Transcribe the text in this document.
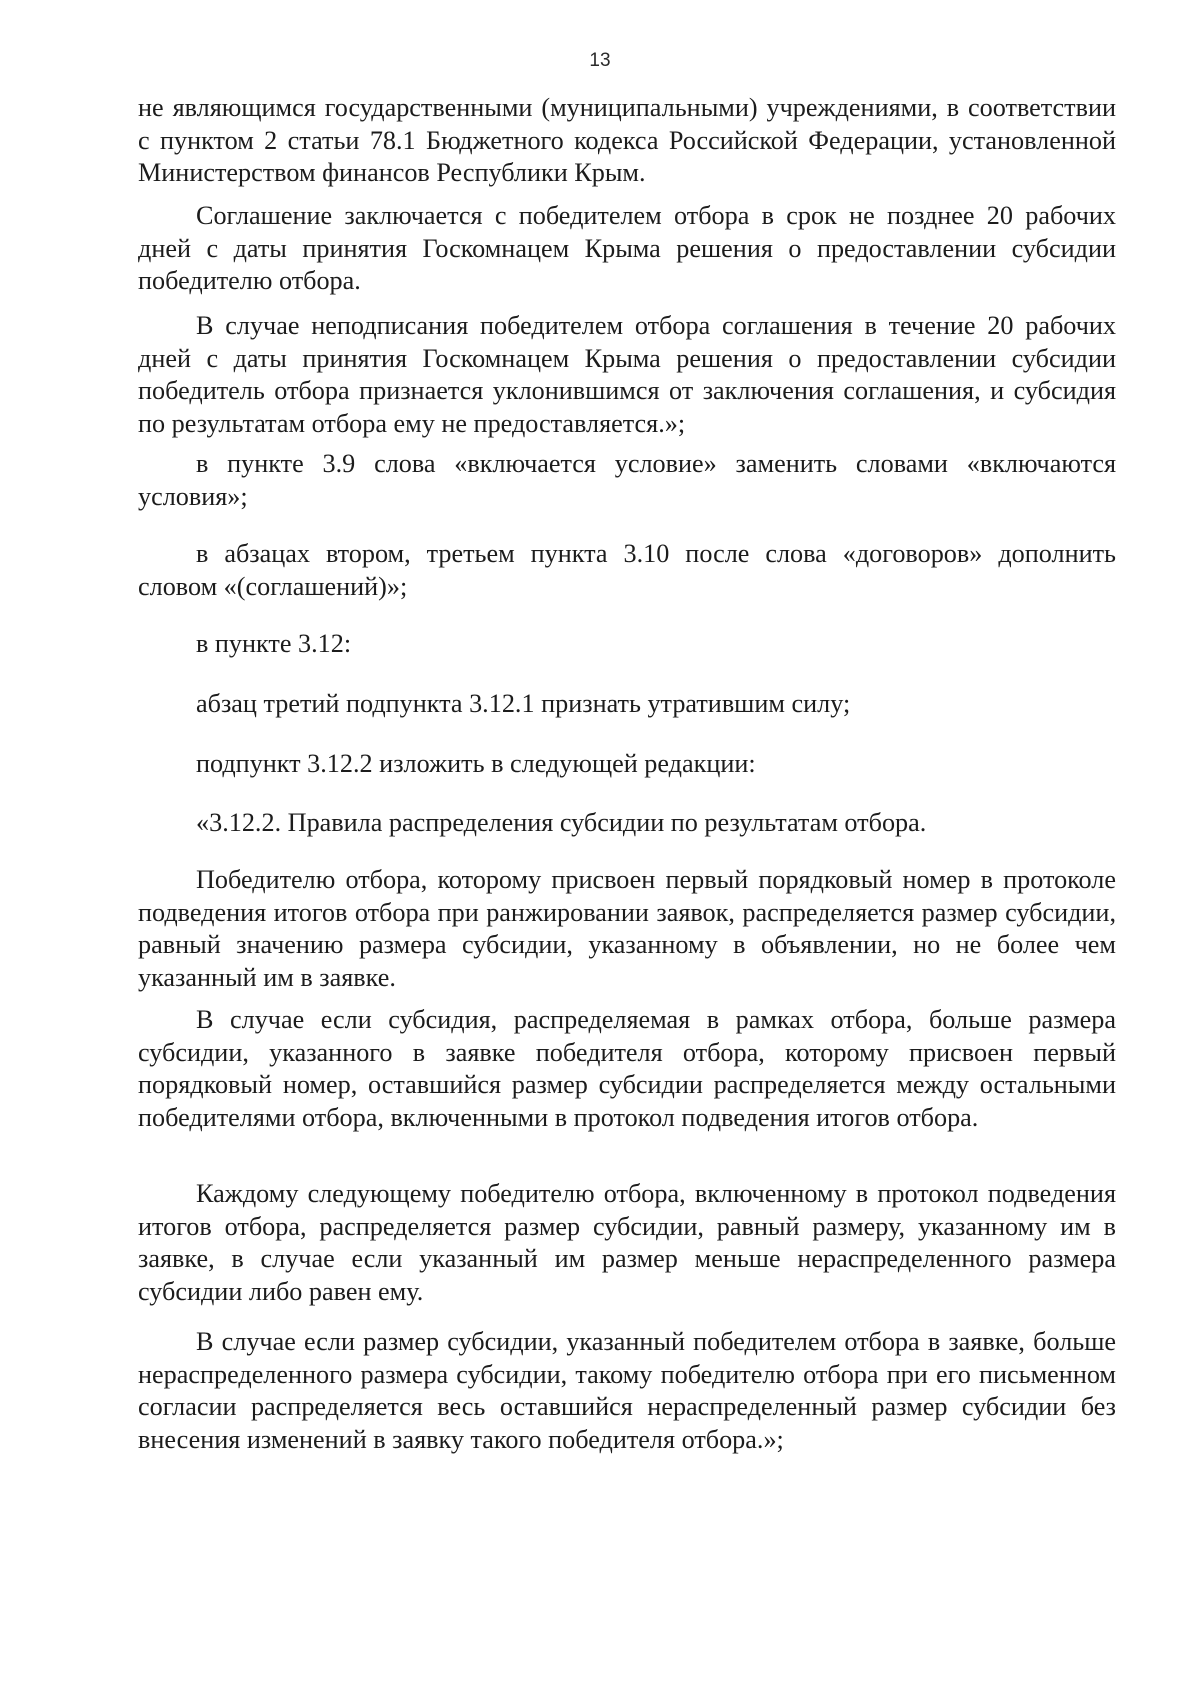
13

не являющимся государственными (муниципальными) учреждениями, в соответствии с пунктом 2 статьи 78.1 Бюджетного кодекса Российской Федерации, установленной Министерством финансов Республики Крым.

Соглашение заключается с победителем отбора в срок не позднее 20 рабочих дней с даты принятия Госкомнацем Крыма решения о предоставлении субсидии победителю отбора.

В случае неподписания победителем отбора соглашения в течение 20 рабочих дней с даты принятия Госкомнацем Крыма решения о предоставлении субсидии победитель отбора признается уклонившимся от заключения соглашения, и субсидия по результатам отбора ему не предоставляется.»;

в пункте 3.9 слова «включается условие» заменить словами «включаются условия»;

в абзацах втором, третьем пункта 3.10 после слова «договоров» дополнить словом «(соглашений)»;

в пункте 3.12:

абзац третий подпункта 3.12.1 признать утратившим силу;

подпункт 3.12.2 изложить в следующей редакции:

«3.12.2. Правила распределения субсидии по результатам отбора.

Победителю отбора, которому присвоен первый порядковый номер в протоколе подведения итогов отбора при ранжировании заявок, распределяется размер субсидии, равный значению размера субсидии, указанному в объявлении, но не более чем указанный им в заявке.

В случае если субсидия, распределяемая в рамках отбора, больше размера субсидии, указанного в заявке победителя отбора, которому присвоен первый порядковый номер, оставшийся размер субсидии распределяется между остальными победителями отбора, включенными в протокол подведения итогов отбора.

Каждому следующему победителю отбора, включенному в протокол подведения итогов отбора, распределяется размер субсидии, равный размеру, указанному им в заявке, в случае если указанный им размер меньше нераспределенного размера субсидии либо равен ему.

В случае если размер субсидии, указанный победителем отбора в заявке, больше нераспределенного размера субсидии, такому победителю отбора при его письменном согласии распределяется весь оставшийся нераспределенный размер субсидии без внесения изменений в заявку такого победителя отбора.»;
